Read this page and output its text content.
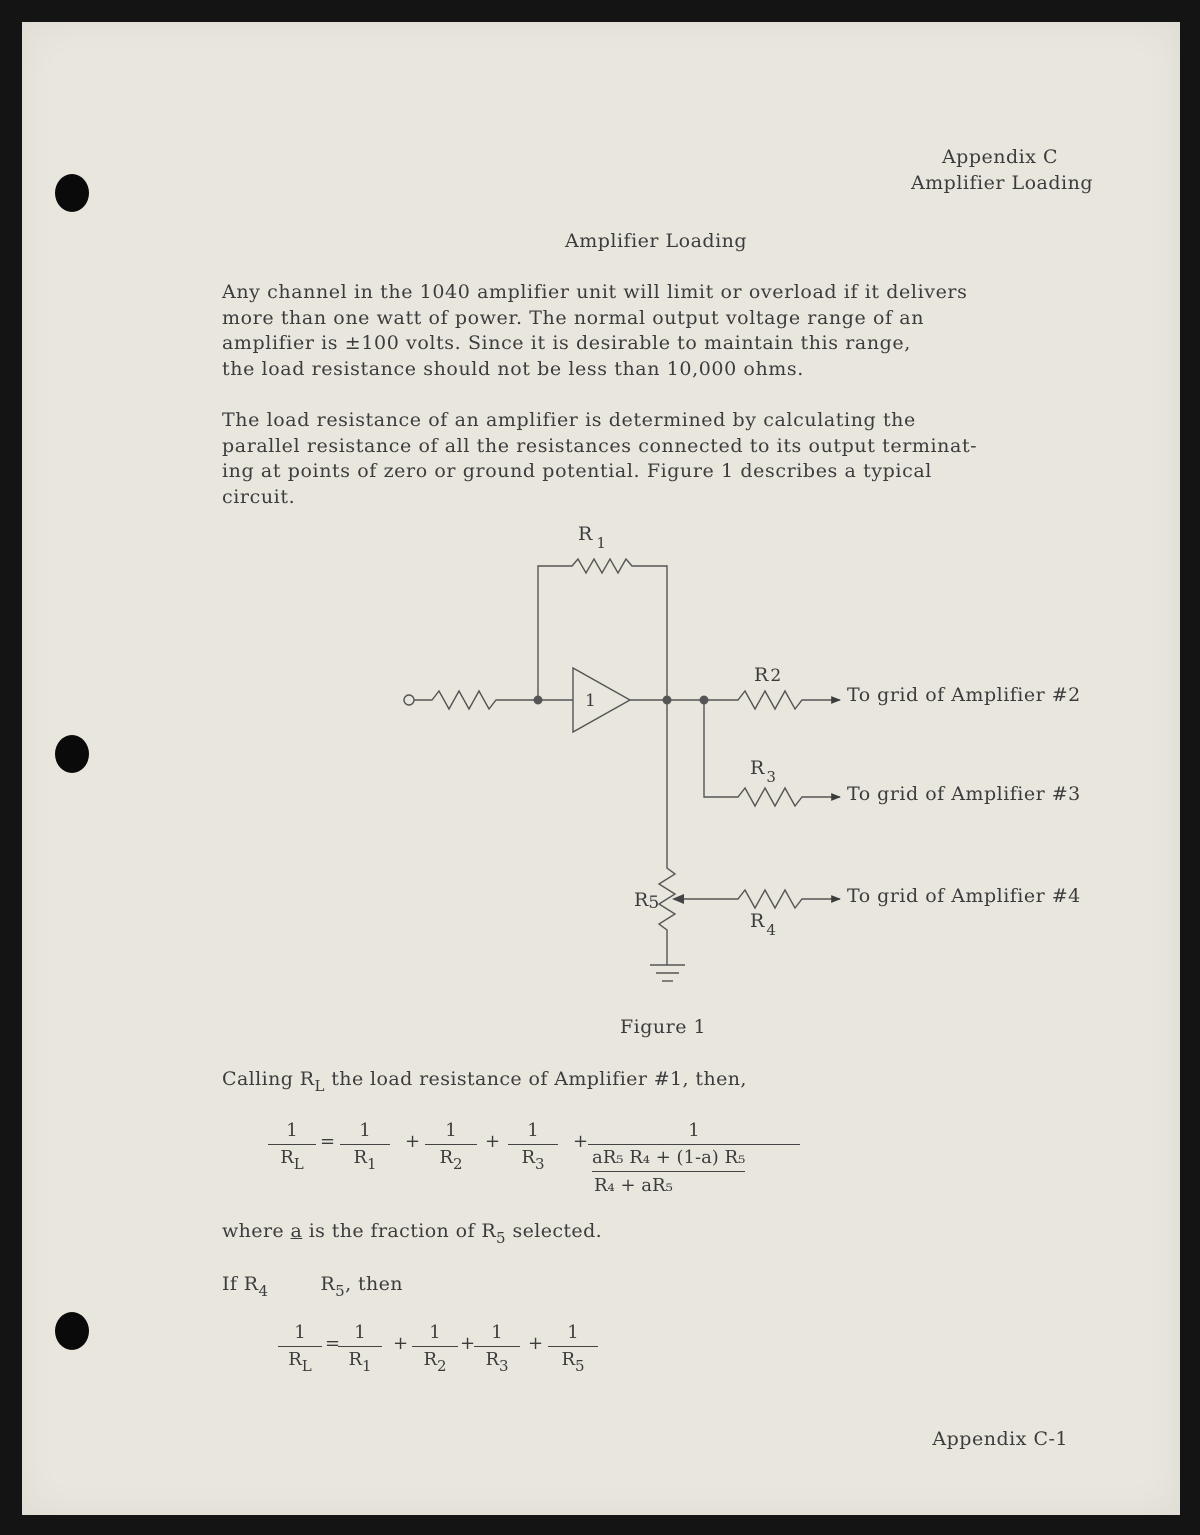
Appendix C
Amplifier Loading
Amplifier Loading
Any channel in the 1040 amplifier unit will limit or overload if it delivers
more than one watt of power. The normal output voltage range of an
amplifier is ±100 volts. Since it is desirable to maintain this range,
the load resistance should not be less than 10,000 ohms.
The load resistance of an amplifier is determined by calculating the
parallel resistance of all the resistances connected to its output terminat-
ing at points of zero or ground potential. Figure 1 describes a typical
circuit.
1
R $_1$
R 2
R $_3$
R $_4$
R5
To grid of Amplifier #2
To grid of Amplifier #3
To grid of Amplifier #4
Figure 1
Calling $R_L$ the load resistance of Amplifier #1, then,
$\frac{1}{R_L} = \frac{1}{R_1} + \frac{1}{R_2} + \frac{1}{R_3} + 1$
aR₅ R₄ + (1-a) R₅
R₄ + aR₅
where a is the fraction of $R_5$ selected.
If $R_4$	$R_5$, then
$\frac{1}{R_L}$ =
$\frac{1}{R_1} + \frac{1}{R_2}$ +
$\frac{1}{R_3} + \frac{1}{R_5}$
Appendix C-1
